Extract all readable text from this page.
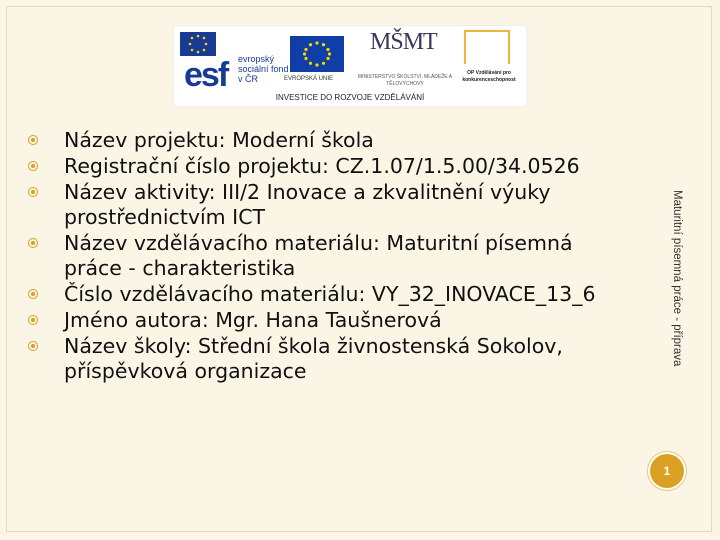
esf evropský sociální fond v ČR	EVROPSKÁ UNIE
MŠMT
MINISTERSTVO ŠKOLSTVÍ, MLÁDEŽE A TĚLOVÝCHOVY
OP Vzdělávání pro konkurenceschopnost
INVESTICE DO ROZVOJE VZDĚLÁVÁNÍ
Název projektu: Moderní škola
Registrační číslo projektu: CZ.1.07/1.5.00/34.0526
Název aktivity: III/2 Inovace a zkvalitnění výuky prostřednictvím ICT
Název vzdělávacího materiálu: Maturitní písemná práce - charakteristika
Číslo vzdělávacího materiálu: VY_32_INOVACE_13_6
Jméno autora: Mgr. Hana Taušnerová
Název školy: Střední škola živnostenská Sokolov, příspěvková organizace
Maturitní písemná práce - příprava
1
